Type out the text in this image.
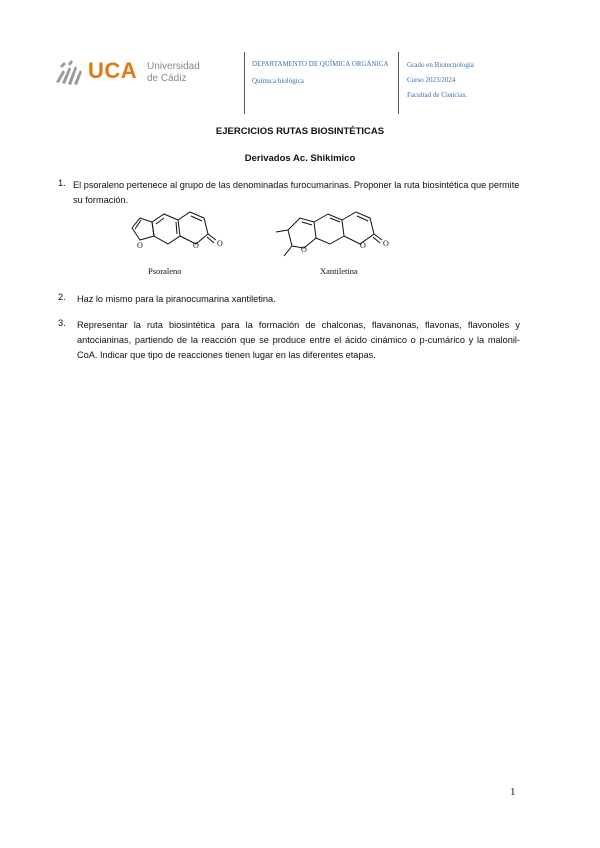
UCA Universidad
de Cádiz
DEPARTAMENTO DE QUÍMICA ORGÁNICA
Química biológica
Grado en Biotecnología
Curso 2023/2024
Facultad de Ciencias.
EJERCICIOS RUTAS BIOSINTÉTICAS
Derivados Ac. Shikimico
1. El psoraleno pertenece al grupo de las denominadas furocumarinas. Proponer la ruta biosintética que permite su formación.
O
O	O
O
O	O
Psoraleno	Xantiletina
2. Haz lo mismo para la piranocumarina xantiletina.
3. Representar la ruta biosintética para la formación de chalconas, flavanonas, flavonas, flavonoles y antocianinas, partiendo de la reacción que se produce entre el ácido cinámico o p-cumárico y la malonil-CoA. Indicar que tipo de reacciones tienen lugar en las diferentes etapas.
1
